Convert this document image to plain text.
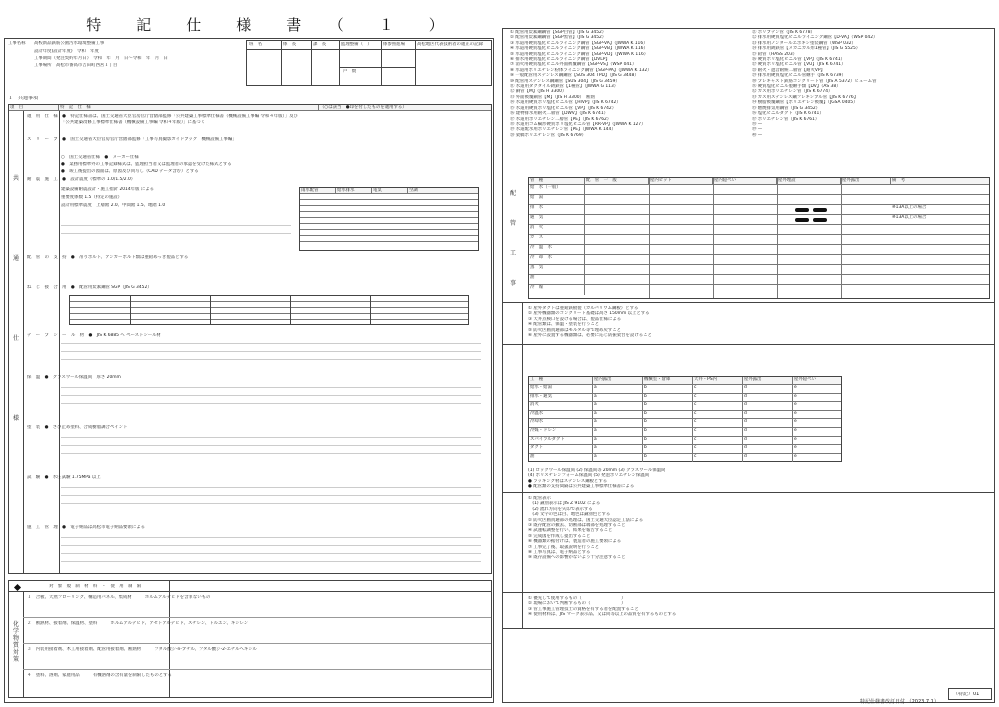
特　記　仕　様　書　（　１　）
工事名称 高校新品鉄筋公園汚水環境整備工事
設計年度(設計年度)　令和　年度
工事期間（発注契約年月日）　令和　年　月　日〜令和　年　月　日
工事場所　高松市番高市吉田町西宮１丁目
班　名	係　長	課　長	監理整備（　）	係参照進場	高松地区代表技術者の適正の記録
戸　数
１　共通事項
項　目	特　記　仕　様　	（○は該当　●印を付したものを適用する）
共
通
仕
様
適　用　仕　様　●　特記仕様書は、国土交通省大臣官房官庁営繕部監修「公共建築工事標準仕様書（機械設備工事編 令和４年版）」及び
「公共建築改修工事標準仕様書（機械設備工事編 令和４年版）」に基づく
ス　リ　ー　ブ　●　国土交通省大臣官房官庁営繕部監修「工事写真撮影ガイドブック　機械設備工事編」
○　国土交通省仕様　●　メーカー仕様
●　業務用標準外の工事記録様式は、監理担当者又は監理者の承認を受けた様式とする
●　竣工後提出の図面は、原図及び同写し（CAD データ含む）とする
耐　震　施　工　●　設計震度（標準の 1.0/1.5/2.0）
雨水配管	給水排水	電気	空調
建築設備耐震設計・施工指針 2014年版 による
重要度係数 1.5（特定の施設）
設計用標準震度　上層階 2.0、中間階 1.5、地階 1.0
配　管　の　支　持　●　吊りボルト、アンカーボルト類は亜鉛めっき製品とする
ね　じ　接　合　用　●　配管用炭素鋼管 SGP（JIS G 3452）
テ　ー　プ　シ　ー　ル　材　●　JIS K 6885 ヘ ペーストシール材
保　温　●　グラスウール保温筒　厚さ 20mm
塗　装　●　さび止め塗料、合成樹脂調合ペイント
試　験　●　水圧試験 1.75MPa 以上
施　工　管　理　●　電子納品は高松市電子納品要領による
対　象　規　制　材　料　・　使　用　制　限
化学物質対策
１　合板、天然フローリング、構造用パネル、集成材　　　ホルムアルデヒドを含まないもの
２　断熱材、接着剤、保温材、塗料　　　ホルムアルデヒド、アセトアルデヒド、スチレン、トルエン、キシレン
３　内装用接着剤、木工用接着剤、配管用接着剤、断熱材　　　フタル酸ジ-n-ブチル、フタル酸ジ-2-エチルヘキシル
４　塗料、溶剤、家庭用品　　　有機溶剤の含有量を制限したものとする
① 配管用炭素鋼鋼管【SGP白管】（JIS G 3452）
② 配管用炭素鋼鋼管【SGP黒管】（JIS G 3452）
③ 水道用硬質塩化ビニルライニング鋼管【SGP-VA】（JWWA K 116）
④ 水道用硬質塩化ビニルライニング鋼管【SGP-VB】（JWWA K 116）
⑤ 水道用硬質塩化ビニルライニング鋼管【SGP-VD】（JWWA K 116）
⑥ 排水用硬質塩化ビニルライニング鋼管【DVLP】
⑦ 消火用硬質塩化ビニル外面被覆鋼管【SGP-VS】（WSP 041）
⑧ 水道用ポリエチレン粉体ライニング鋼管【SGP-PA】（JWWA K 132）
⑨ 一般配管用ステンレス鋼鋼管【SUS 304 TPD】（JIS G 3448）
⑩ 配管用ステンレス鋼鋼管【SUS 304】（JIS G 3459）
⑪ 水道用ダクタイル鋳鉄管【1種管】（JWWA G 113）
⑫ 銅管【M】（JIS H 3300）
⑬ 外面被覆銅管【M】（JIS H 3300）　断熱
⑭ 水道用硬質ポリ塩化ビニル管【HIVP】（JIS K 6742）
⑮ 水道用硬質ポリ塩化ビニル管【VP】（JIS K 6742）
⑯ 建物排水用耐火二層管【DWV】（JIS K 6741）
⑰ 水道用ポリエチレン二層管【PE】（JIS K 6762）
⑱ 水道用ゴム輪形硬質ポリ塩化ビニル管【RR-VP】（JWWA K 127）
⑲ 水道配水用ポリエチレン管【PE】（JWWA K 144）
⑳ 架橋ポリエチレン管（JIS K 6769）
㉑ ポリブテン管（JIS K 6778）
㉒ 排水用硬質塩化ビニルライニング鋼管【D-VA】（WSP 042）
㉓ 排水用ノンタールエポキシ塗装鋼管（WSP 032）
㉔ 排水用鋳鉄管【メカニカル形1種管】（JIS G 5525）
㉕ 鉛管（HASS 203）
㉖ 硬質ポリ塩化ビニル管【VP】（JIS K 6741）
㉗ 硬質ポリ塩化ビニル管【VU】（JIS K 6741）
㉘ 耐火・遮音耐候二層管【耐火VP】
㉙ 排水用硬質塩化ビニル管継手（JIS K 6739）
㉚ プレキャスト鉄筋コンクリート管（JIS A 5372）ヒューム管
㉛ 硬質塩化ビニル製継手類【DV】（AS 38）
㉜ ガス用ポリエチレン管（JIS K 6774）
㉝ ガス用ステンレス鋼フレキシブル管【JIS K 6776】
㉞ 樹脂被覆鋼管【ポリエチレン被覆】（JGSA 0405）
㉟ 燃焼排気用鋼管（JIS G 3452）
㊱ 塩化ビニルダクト（JIS K 6741）
㊲ ポリエチレン管（JIS K 6761）
㊳ —
㊴ —
㊵ —
管　種	配　管　一　般	屋内ピット	屋内隠ぺい	屋外埋設	屋外露出	備　考
給　水（一般）
給　湯
排　水	※13A以上の場合
通　気	※13A以上の場合
消　火
ガ　ス
冷　温　水
冷　却　水
蒸　気
油
冷　媒
配
管
工
事
① 屋外ダクトは亜鉛鉄板製（ガルバリウム鋼板）とする
② 屋外機器類のコンクリート基礎は高さ 150mm 以上とする
③ 天井点検口を設ける場合は、製品仕様による
④ 配管類は、保温・塗装を行うこと
⑤ 防火区画貫通部はモルタル等で埋め戻すこと
⑥ 屋外に設置する機器類は、必要に応じ防振架台を設けること
工　種	屋内露出	機械室・倉庫	天井・PS内	屋外露出	屋外隠ぺい
給水・給湯	a	b	c	d	e
排水・通気	a	b	c	d	e
消火	a	b	c	d	e
冷温水	a	b	c	d	e
冷却水	a	b	c	d	e
冷媒・ドレン	a	b	c	d	e
スパイラルダクト	a	b	c	d	e
ダクト	a	b	c	d	e
油	a	b	c	d	e
(1) ロックウール保温筒 (2) 保温筒等 20mm (3) グラスウール保温筒
(4) ポリスチレンフォーム保温筒 (5) 発泡ポリエチレン保温筒
● ラッキング材はステンレス鋼板とする
● 配管類の支持間隔は公共建築工事標準仕様書による
① 配管表示
　(1) 識別表示は JIS Z 9102 による
　(2) 流れ方向を矢印で表示する
　(3) 文字の色は白、地色は識別色とする
② 防火区画貫通部の処理は、国土交通大臣認定工法による
③ 既存配管の撤去、切断部は端部を処理すること
④ 試運転調整を行い、結果を報告すること
⑤ 完成図を作成し提出すること
⑥ 機器類の据付けは、製造者の施工要領による
⑦ 工事完了後、取扱説明を行うこと
⑧ 工事写真は、電子納品とする
⑨ 既存設備への影響がないよう十分注意すること
① 優先して使用するもの（　　　　　　　　　）
② 現場において判断するもの（　　　　　　　）
③ 管工事施工管理技士の資格を有する者を配置すること
④ 使用材料は、JIS マーク表示品、又は同等以上の品質を有するものとする
（特記）01
特記仕様書改訂日付 （2023.7.1）
